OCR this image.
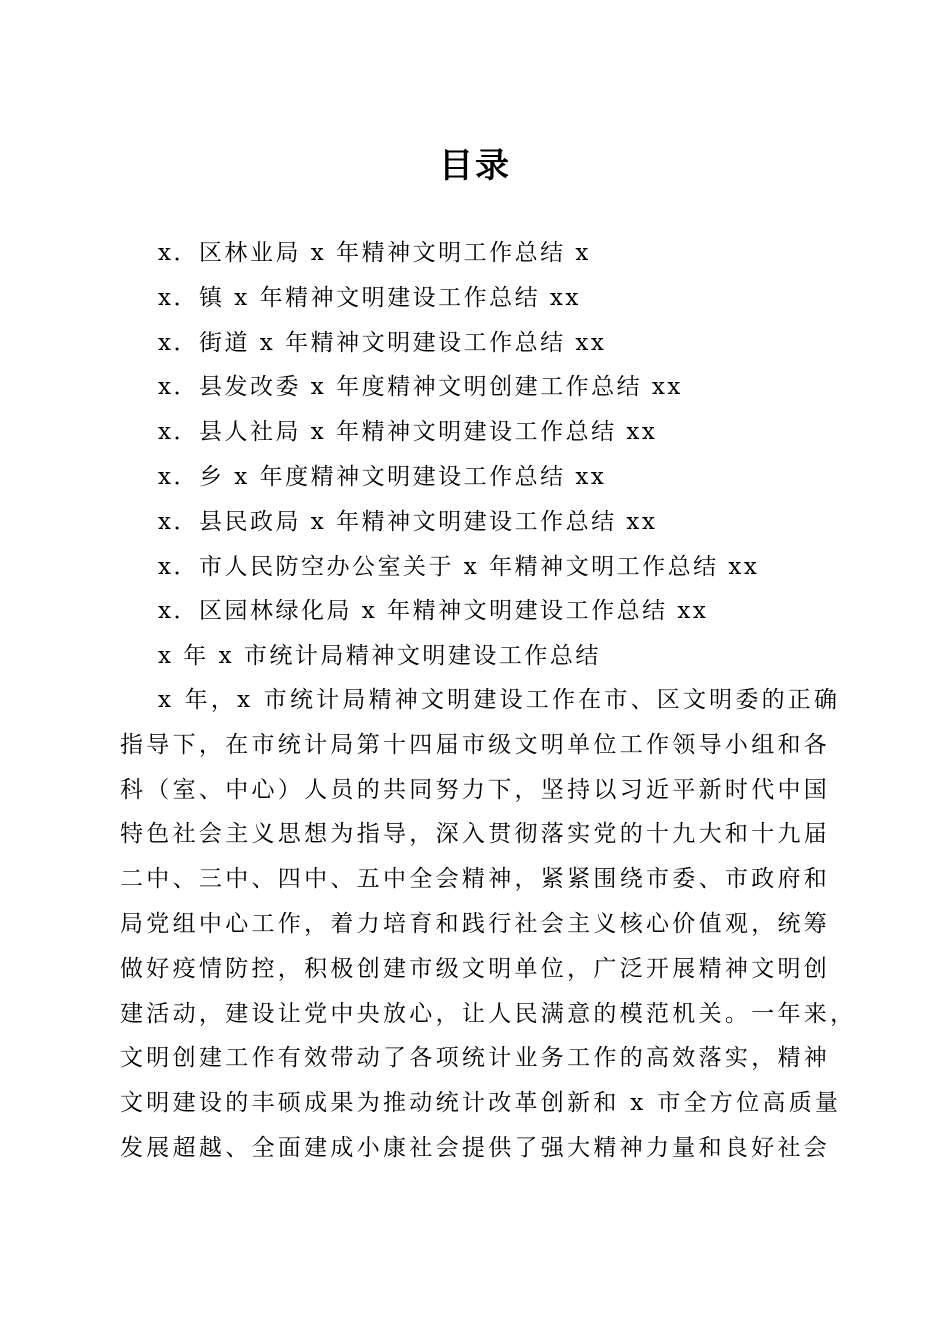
目录
x．区林业局 x 年精神文明工作总结 x
x．镇 x 年精神文明建设工作总结 xx
x．街道 x 年精神文明建设工作总结 xx
x．县发改委 x 年度精神文明创建工作总结 xx
x．县人社局 x 年精神文明建设工作总结 xx
x．乡 x 年度精神文明建设工作总结 xx
x．县民政局 x 年精神文明建设工作总结 xx
x．市人民防空办公室关于 x 年精神文明工作总结 xx
x．区园林绿化局 x 年精神文明建设工作总结 xx

x 年 x 市统计局精神文明建设工作总结

x 年，x 市统计局精神文明建设工作在市、区文明委的正确
指导下，在市统计局第十四届市级文明单位工作领导小组和各
科（室、中心）人员的共同努力下，坚持以习近平新时代中国
特色社会主义思想为指导，深入贯彻落实党的十九大和十九届
二中、三中、四中、五中全会精神，紧紧围绕市委、市政府和
局党组中心工作，着力培育和践行社会主义核心价值观，统筹
做好疫情防控，积极创建市级文明单位，广泛开展精神文明创
建活动，建设让党中央放心，让人民满意的模范机关。一年来，
文明创建工作有效带动了各项统计业务工作的高效落实，精神
文明建设的丰硕成果为推动统计改革创新和 x 市全方位高质量
发展超越、全面建成小康社会提供了强大精神力量和良好社会
